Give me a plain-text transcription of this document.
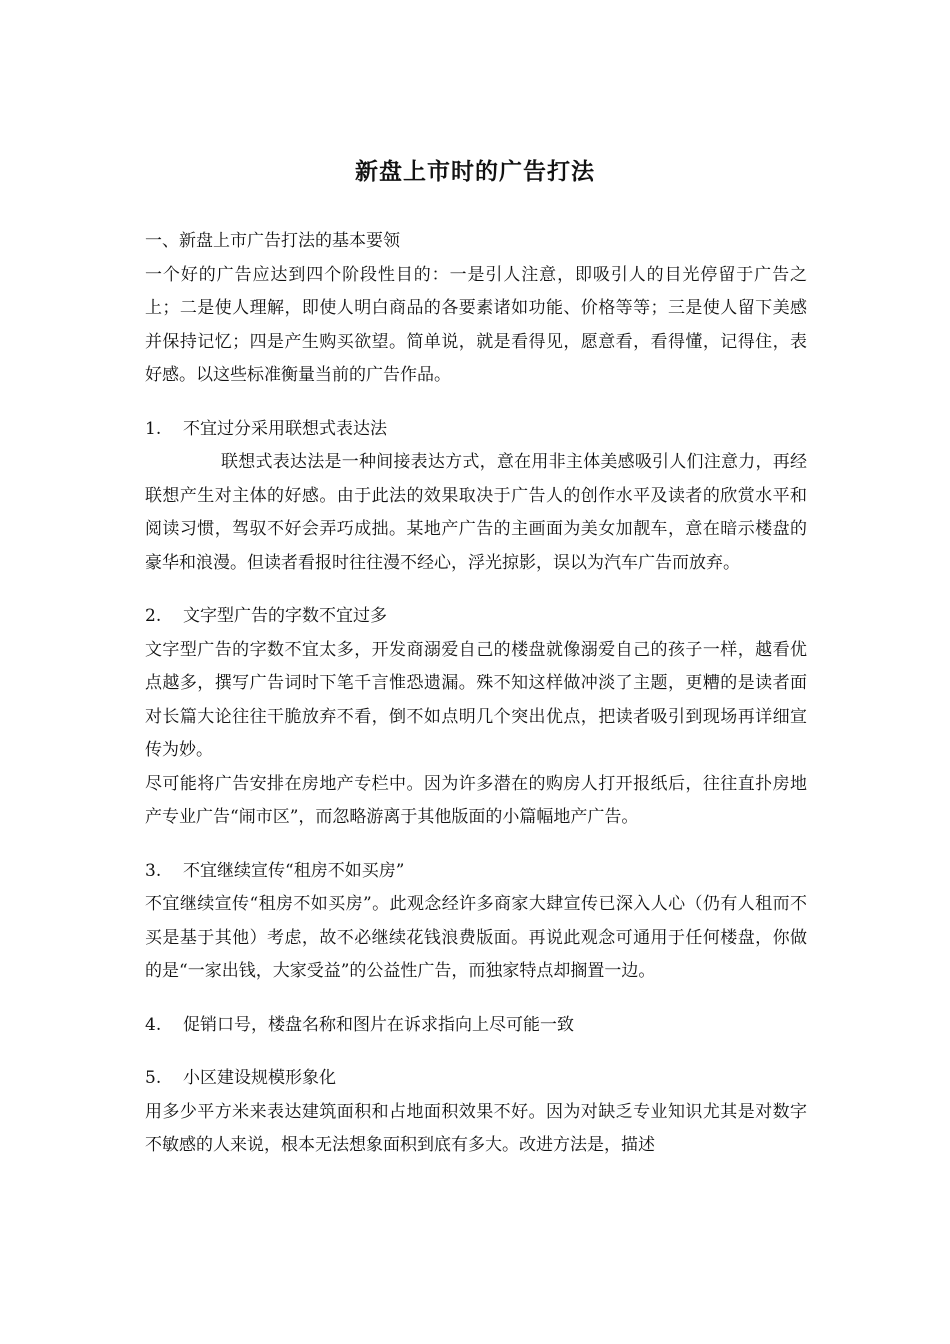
新盘上市时的广告打法

一、新盘上市广告打法的基本要领

一个好的广告应达到四个阶段性目的：一是引人注意，即吸引人的目光停留于广告之上；二是使人理解，即使人明白商品的各要素诸如功能、价格等等；三是使人留下美感并保持记忆；四是产生购买欲望。简单说，就是看得见，愿意看，看得懂，记得住，表好感。以这些标准衡量当前的广告作品。

1. 不宜过分采用联想式表达法

联想式表达法是一种间接表达方式，意在用非主体美感吸引人们注意力，再经联想产生对主体的好感。由于此法的效果取决于广告人的创作水平及读者的欣赏水平和阅读习惯，驾驭不好会弄巧成拙。某地产广告的主画面为美女加靓车，意在暗示楼盘的豪华和浪漫。但读者看报时往往漫不经心，浮光掠影，误以为汽车广告而放弃。

2. 文字型广告的字数不宜过多

文字型广告的字数不宜太多，开发商溺爱自己的楼盘就像溺爱自己的孩子一样，越看优点越多，撰写广告词时下笔千言惟恐遗漏。殊不知这样做冲淡了主题，更糟的是读者面对长篇大论往往干脆放弃不看，倒不如点明几个突出优点，把读者吸引到现场再详细宣传为妙。

尽可能将广告安排在房地产专栏中。因为许多潜在的购房人打开报纸后，往往直扑房地产专业广告“闹市区”，而忽略游离于其他版面的小篇幅地产广告。

3. 不宜继续宣传“租房不如买房”

不宜继续宣传“租房不如买房”。此观念经许多商家大肆宣传已深入人心（仍有人租而不买是基于其他）考虑，故不必继续花钱浪费版面。再说此观念可通用于任何楼盘，你做的是“一家出钱，大家受益”的公益性广告，而独家特点却搁置一边。

4. 促销口号，楼盘名称和图片在诉求指向上尽可能一致

5. 小区建设规模形象化

用多少平方米来表达建筑面积和占地面积效果不好。因为对缺乏专业知识尤其是对数字不敏感的人来说，根本无法想象面积到底有多大。改进方法是，描述
